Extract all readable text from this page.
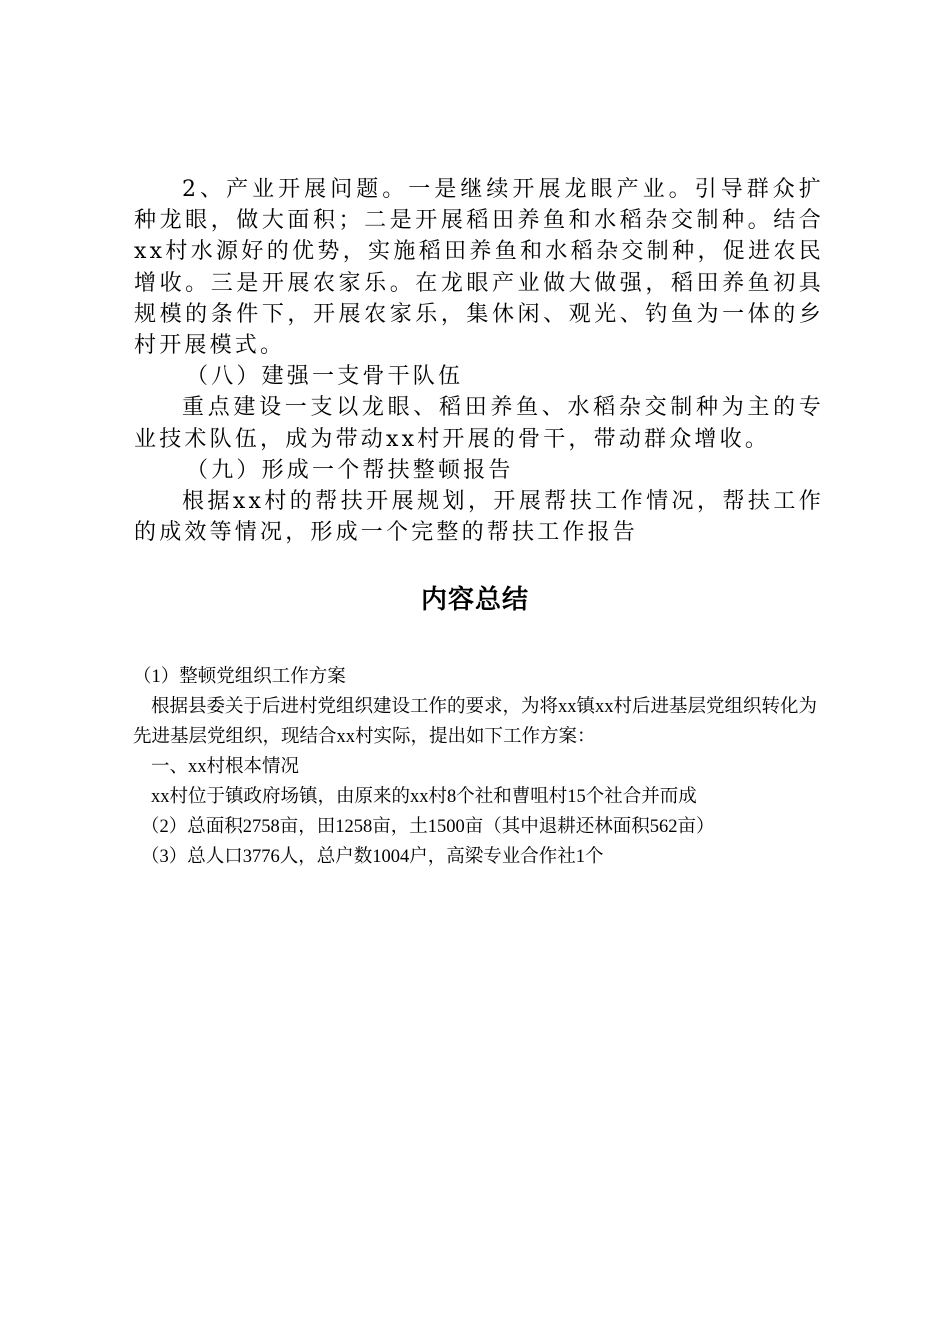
2、产业开展问题。一是继续开展龙眼产业。引导群众扩种龙眼，做大面积；二是开展稻田养鱼和水稻杂交制种。结合xx村水源好的优势，实施稻田养鱼和水稻杂交制种，促进农民增收。三是开展农家乐。在龙眼产业做大做强，稻田养鱼初具规模的条件下，开展农家乐，集休闲、观光、钓鱼为一体的乡村开展模式。

（八）建强一支骨干队伍

重点建设一支以龙眼、稻田养鱼、水稻杂交制种为主的专业技术队伍，成为带动xx村开展的骨干，带动群众增收。

（九）形成一个帮扶整顿报告

根据xx村的帮扶开展规划，开展帮扶工作情况，帮扶工作的成效等情况，形成一个完整的帮扶工作报告

内容总结

（1）整顿党组织工作方案

根据县委关于后进村党组织建设工作的要求，为将xx镇xx村后进基层党组织转化为先进基层党组织，现结合xx村实际，提出如下工作方案：

一、xx村根本情况

xx村位于镇政府场镇，由原来的xx村8个社和曹咀村15个社合并而成

（2）总面积2758亩，田1258亩，土1500亩（其中退耕还林面积562亩）

（3）总人口3776人，总户数1004户，高梁专业合作社1个
